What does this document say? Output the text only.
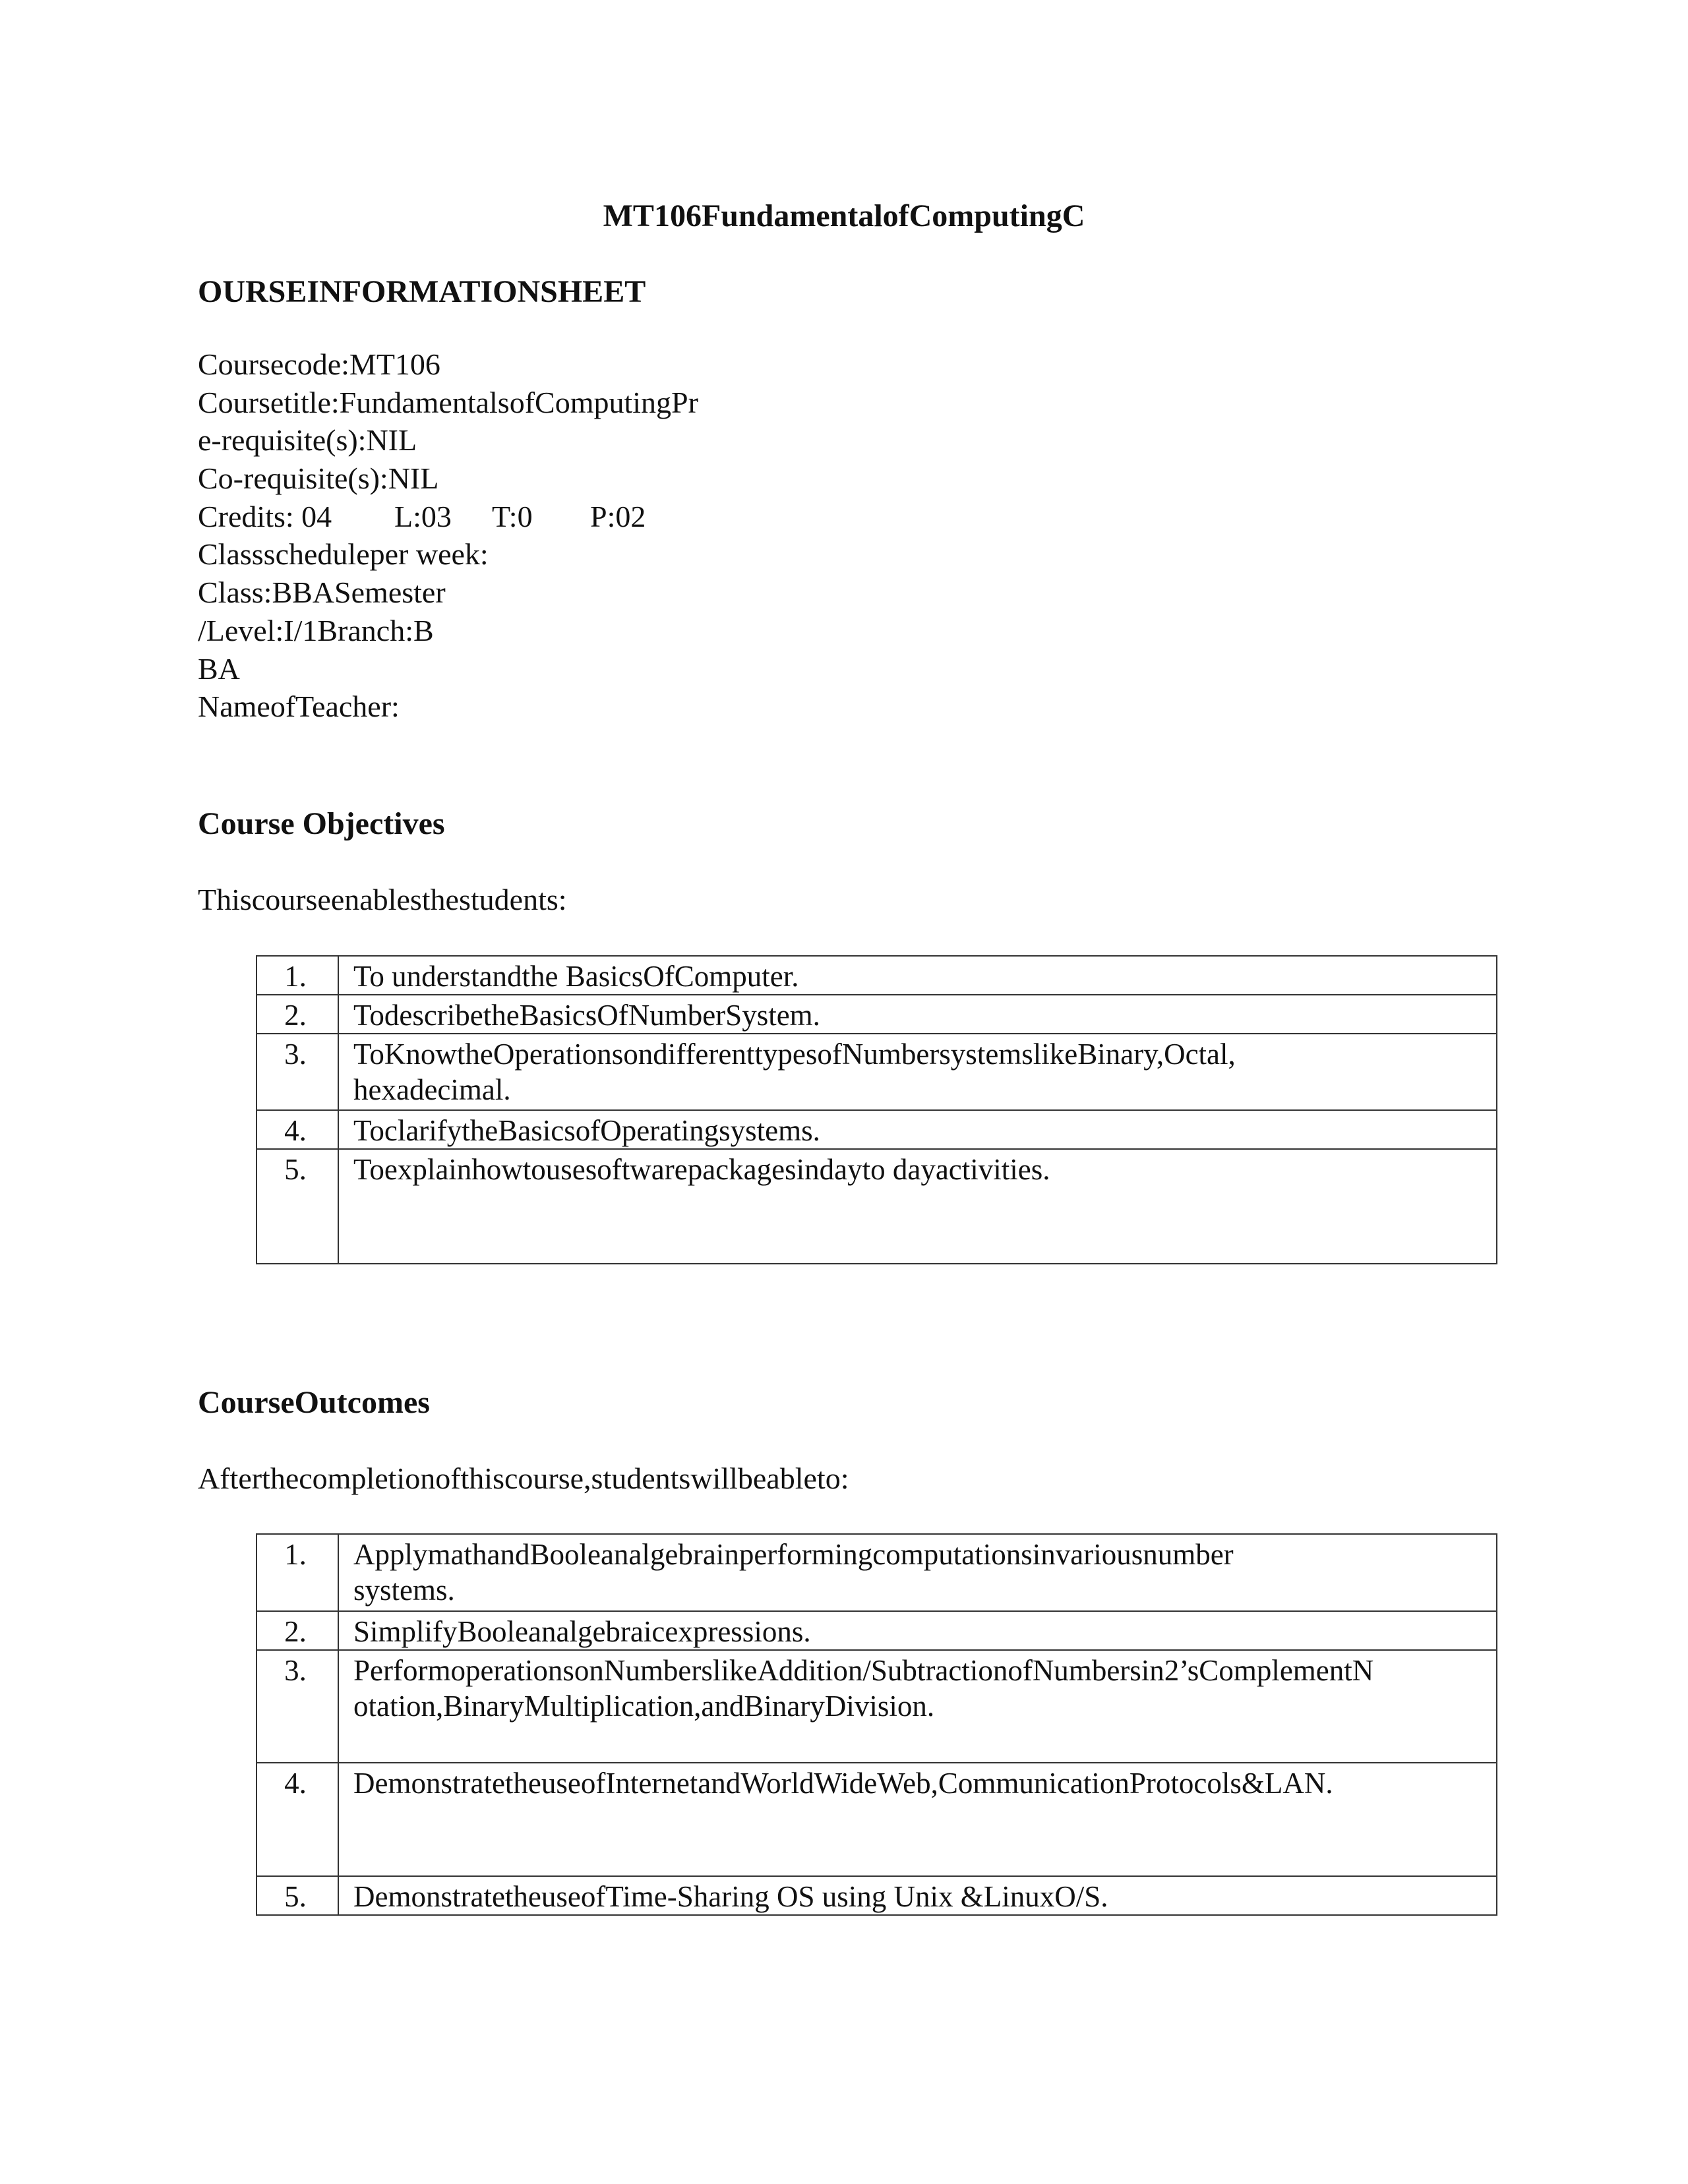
MT106FundamentalofComputingC
OURSEINFORMATIONSHEET
Coursecode:MT106
Coursetitle:FundamentalsofComputingPr
e-requisite(s):NIL
Co-requisite(s):NIL
Credits: 04 L:03 T:0 P:02
Classscheduleper week:
Class:BBASemester
/Level:I/1Branch:B
BA
NameofTeacher:
Course Objectives
Thiscourseenablesthestudents:
1.	To understandthe BasicsOfComputer.
2.	TodescribetheBasicsOfNumberSystem.
3.	ToKnowtheOperationsondifferenttypesofNumbersystemslikeBinary,Octal,
hexadecimal.

4.	ToclarifytheBasicsofOperatingsystems.
5.	Toexplainhowtousesoftwarepackagesindayto dayactivities.
CourseOutcomes
Afterthecompletionofthiscourse,studentswillbeableto:
1.	ApplymathandBooleanalgebrainperformingcomputationsinvariousnumber
systems.

2.	SimplifyBooleanalgebraicexpressions.
3.	PerformoperationsonNumberslikeAddition/SubtractionofNumbersin2’sComplementN
otation,BinaryMultiplication,andBinaryDivision.

4.	DemonstratetheuseofInternetandWorldWideWeb,CommunicationProtocols&LAN.
5.	DemonstratetheuseofTime-Sharing OS using Unix &LinuxO/S.
